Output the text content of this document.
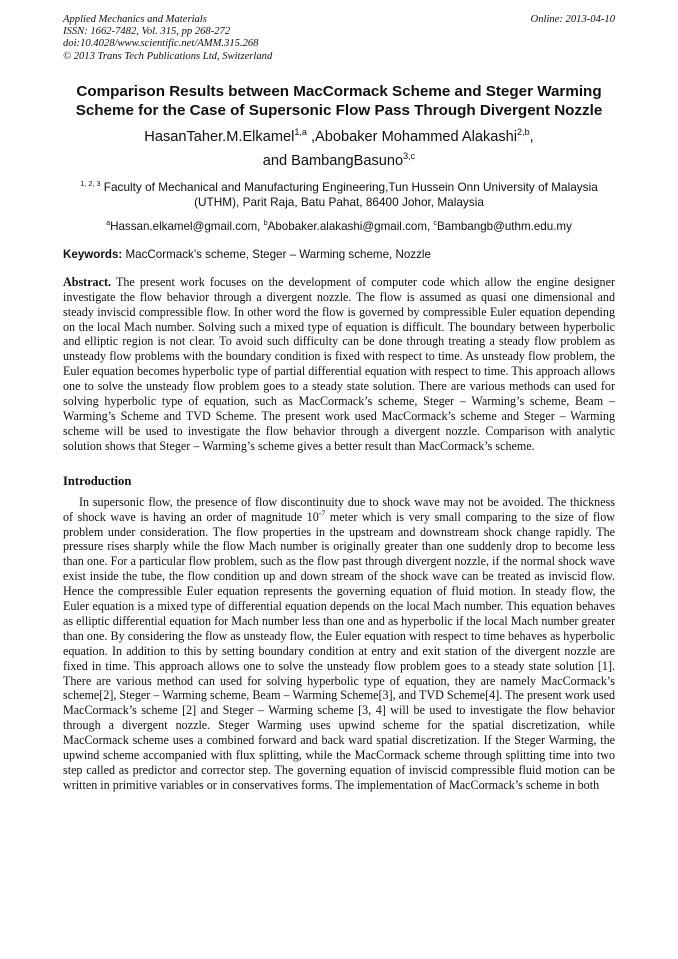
Applied Mechanics and Materials
ISSN: 1662-7482, Vol. 315, pp 268-272
doi:10.4028/www.scientific.net/AMM.315.268
© 2013 Trans Tech Publications Ltd, Switzerland
Online: 2013-04-10
Comparison Results between MacCormack Scheme and Steger Warming Scheme for the Case of Supersonic Flow Pass Through Divergent Nozzle
HasanTaher.M.Elkamel$^{1,a}$ ,Abobaker Mohammed Alakashi$^{2,b}$,
and BambangBasuno$^{3,c}$
$^{1, 2, 3}$ Faculty of Mechanical and Manufacturing Engineering,Tun Hussein Onn University of Malaysia (UTHM), Parit Raja, Batu Pahat, 86400 Johor, Malaysia
$^a$Hassan.elkamel@gmail.com, $^b$Abobaker.alakashi@gmail.com, $^c$Bambangb@uthm.edu.my
Keywords: MacCormack’s scheme, Steger – Warming scheme, Nozzle
Abstract. The present work focuses on the development of computer code which allow the engine designer investigate the flow behavior through a divergent nozzle. The flow is assumed as quasi one dimensional and steady inviscid compressible flow. In other word the flow is governed by compressible Euler equation depending on the local Mach number. Solving such a mixed type of equation is difficult. The boundary between hyperbolic and elliptic region is not clear. To avoid such difficulty can be done through treating a steady flow problem as unsteady flow problems with the boundary condition is fixed with respect to time. As unsteady flow problem, the Euler equation becomes hyperbolic type of partial differential equation with respect to time. This approach allows one to solve the unsteady flow problem goes to a steady state solution. There are various methods can used for solving hyperbolic type of equation, such as MacCormack’s scheme, Steger – Warming’s scheme, Beam – Warming’s Scheme and TVD Scheme. The present work used MacCormack’s scheme and Steger – Warming scheme will be used to investigate the flow behavior through a divergent nozzle. Comparison with analytic solution shows that Steger – Warming’s scheme gives a better result than MacCormack’s scheme.
Introduction
In supersonic flow, the presence of flow discontinuity due to shock wave may not be avoided. The thickness of shock wave is having an order of magnitude $10^{-7}$ meter which is very small comparing to the size of flow problem under consideration. The flow properties in the upstream and downstream shock change rapidly. The pressure rises sharply while the flow Mach number is originally greater than one suddenly drop to become less than one. For a particular flow problem, such as the flow past through divergent nozzle, if the normal shock wave exist inside the tube, the flow condition up and down stream of the shock wave can be treated as inviscid flow. Hence the compressible Euler equation represents the governing equation of fluid motion. In steady flow, the Euler equation is a mixed type of differential equation depends on the local Mach number. This equation behaves as elliptic differential equation for Mach number less than one and as hyperbolic if the local Mach number greater than one. By considering the flow as unsteady flow, the Euler equation with respect to time behaves as hyperbolic equation. In addition to this by setting boundary condition at entry and exit station of the divergent nozzle are fixed in time. This approach allows one to solve the unsteady flow problem goes to a steady state solution [1]. There are various method can used for solving hyperbolic type of equation, they are namely MacCormack’s scheme[2], Steger – Warming scheme, Beam – Warming Scheme[3], and TVD Scheme[4]. The present work used MacCormack’s scheme [2] and Steger – Warming scheme [3, 4] will be used to investigate the flow behavior through a divergent nozzle. Steger Warming uses upwind scheme for the spatial discretization, while MacCormack scheme uses a combined forward and back ward spatial discretization. If the Steger Warming, the upwind scheme accompanied with flux splitting, while the MacCormack scheme through splitting time into two step called as predictor and corrector step. The governing equation of inviscid compressible fluid motion can be written in primitive variables or in conservatives forms. The implementation of MacCormack’s scheme in both
